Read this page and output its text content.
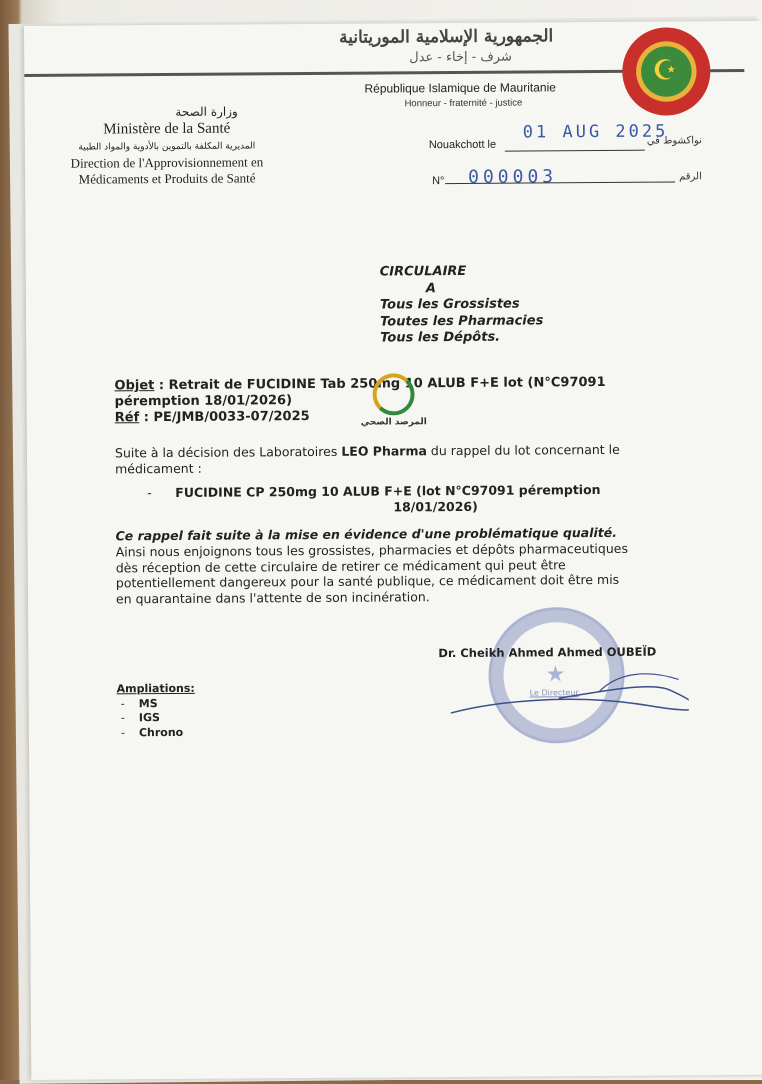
الجمهورية الإسلامية الموريتانية
شرف - إخاء - عدل
République Islamique de Mauritanie
Honneur - fraternité - justice
☪
وزارة الصحة
Ministère de la Santé
المديرية المكلفة بالتموين بالأدوية والمواد الطبية
Direction de l'Approvisionnement en
Médicaments et Produits de Santé
Nouakchott le
01 AUG 2025
نواكشوط في
N° 000003	الرقم
CIRCULAIRE
A
Tous les Grossistes
Toutes les Pharmacies
Tous les Dépôts.
Objet : Retrait de FUCIDINE Tab 250mg 10 ALUB F+E lot (N°C97091
péremption 18/01/2026)
Réf : PE/JMB/0033-07/2025	المرصد الصحي
Suite à la décision des Laboratoires LEO Pharma du rappel du lot concernant le
médicament :
-	FUCIDINE CP 250mg 10 ALUB F+E (lot N°C97091 péremption
18/01/2026)
Ce rappel fait suite à la mise en évidence d'une problématique qualité.
Ainsi nous enjoignons tous les grossistes, pharmacies et dépôts pharmaceutiques
dès réception de cette circulaire de retirer ce médicament qui peut être
potentiellement dangereux pour la santé publique, ce médicament doit être mis
en quarantaine dans l'attente de son incinération.
★
Le Directeur
Dr. Cheikh Ahmed Ahmed OUBEÏD
Ampliations:
- MS
- IGS
- Chrono
